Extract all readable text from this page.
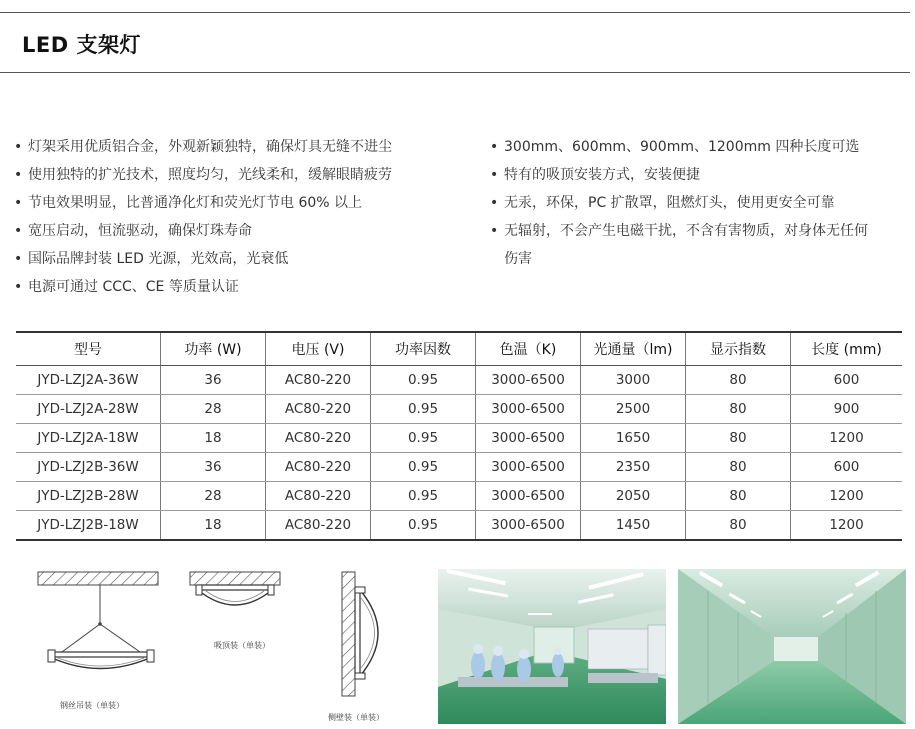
LED 支架灯
• 灯架采用优质铝合金，外观新颖独特，确保灯具无缝不进尘
• 使用独特的扩光技术，照度均匀，光线柔和，缓解眼睛疲劳
• 节电效果明显，比普通净化灯和荧光灯节电 60% 以上
• 宽压启动，恒流驱动，确保灯珠寿命
• 国际品牌封装 LED 光源，光效高，光衰低
• 电源可通过 CCC、CE 等质量认证
• 300mm、600mm、900mm、1200mm 四种长度可选
• 特有的吸顶安装方式，安装便捷
• 无汞，环保，PC 扩散罩，阻燃灯头，使用更安全可靠
• 无辐射，不会产生电磁干扰，不含有害物质，对身体无任何
伤害
型号	功率 (W)	电压 (V)	功率因数	色温（K)	光通量（lm)	显示指数	长度 (mm)
JYD-LZJ2A-36W	36	AC80-220	0.95	3000-6500	3000	80	600
JYD-LZJ2A-28W	28	AC80-220	0.95	3000-6500	2500	80	900
JYD-LZJ2A-18W	18	AC80-220	0.95	3000-6500	1650	80	1200
JYD-LZJ2B-36W	36	AC80-220	0.95	3000-6500	2350	80	600
JYD-LZJ2B-28W	28	AC80-220	0.95	3000-6500	2050	80	1200
JYD-LZJ2B-18W	18	AC80-220	0.95	3000-6500	1450	80	1200
钢丝吊装（单装）
吸顶装（单装）
侧壁装（单装）
